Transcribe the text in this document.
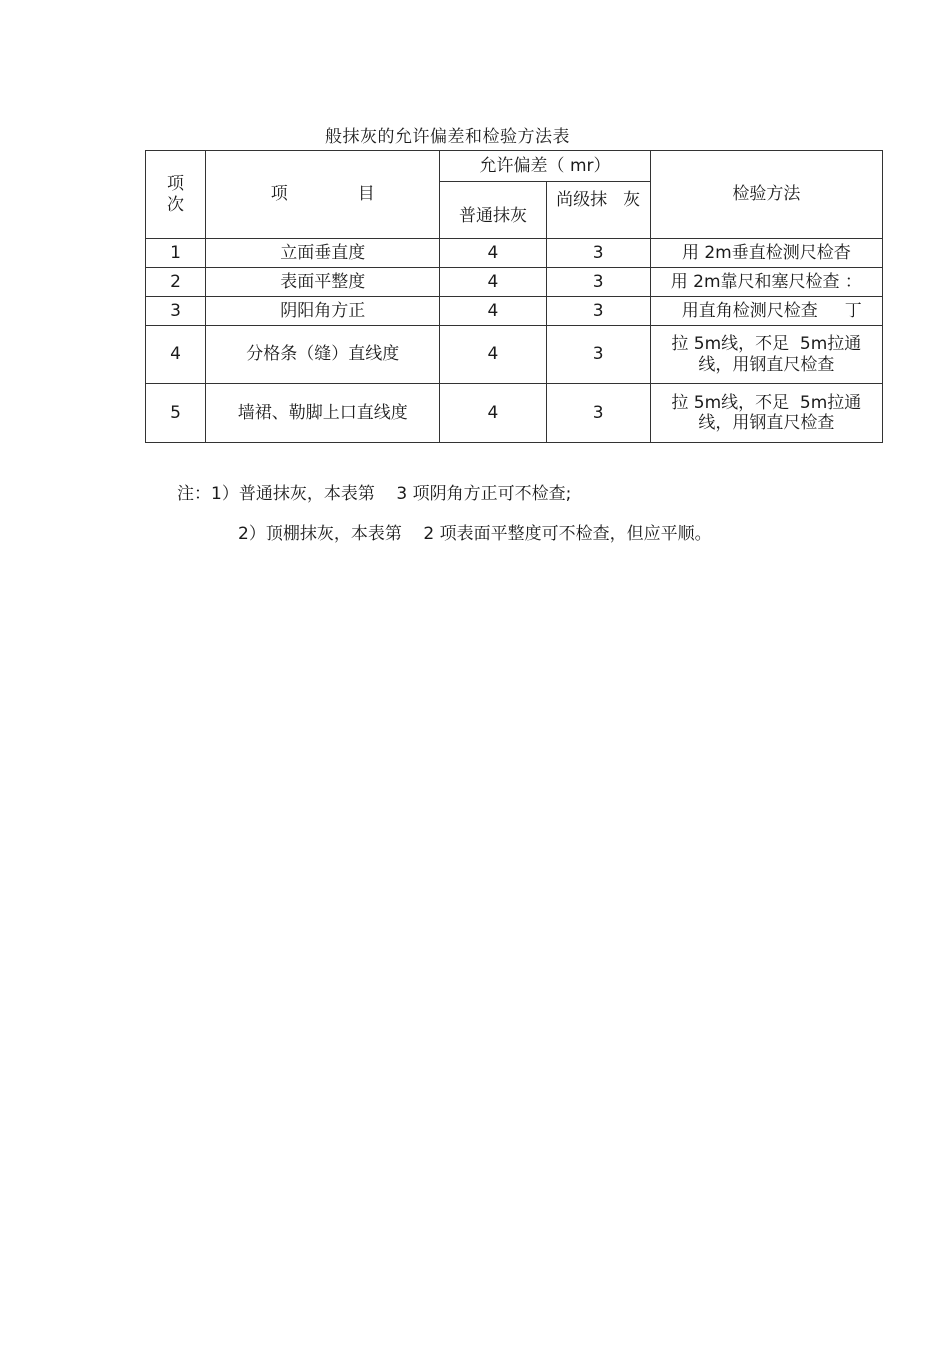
般抹灰的允许偏差和检验方法表
项
次	项 目	允许偏差（ mr）		检验方法
		普通抹灰	尚级抹 灰	
1	立面垂直度	4	3	用 2m垂直检测尺检杳
2	表面平整度	4	3	用 2m靠尺和塞尺检查 ：
3	阴阳角方正	4	3	用直角检测尺检查     丁
4	分格条（缝）直线度	4	3	拉 5m线，不足  5m拉通
线，用钢直尺检查
5	墙裙、勒脚上口直线度	4	3	拉 5m线，不足  5m拉通
线，用钢直尺检查
注：1）普通抹灰，本表第    3 项阴角方正可不检查;
2）顶棚抹灰，本表第    2 项表面平整度可不检查，但应平顺。
